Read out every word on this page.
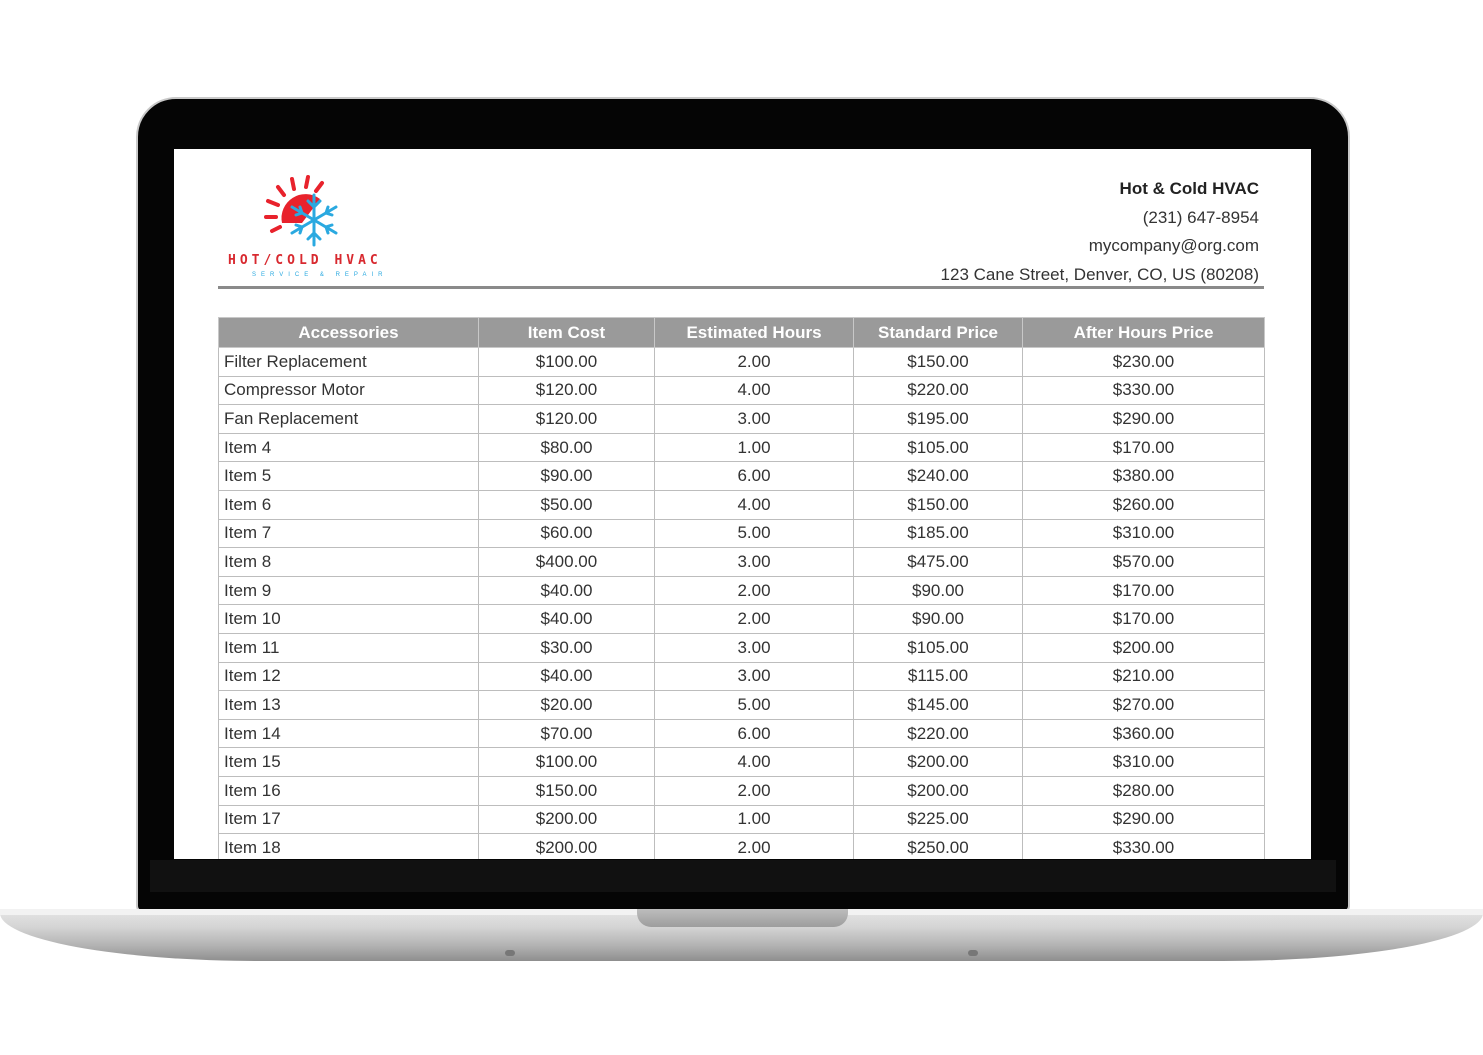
HOT/COLD HVAC
SERVICE & REPAIR
Hot & Cold HVAC
(231) 647-8954
mycompany@org.com
123 Cane Street, Denver, CO, US (80208)
Accessories	Item Cost	Estimated Hours	Standard Price	After Hours Price
Filter Replacement	$100.00	2.00	$150.00	$230.00
Compressor Motor	$120.00	4.00	$220.00	$330.00
Fan Replacement	$120.00	3.00	$195.00	$290.00
Item 4	$80.00	1.00	$105.00	$170.00
Item 5	$90.00	6.00	$240.00	$380.00
Item 6	$50.00	4.00	$150.00	$260.00
Item 7	$60.00	5.00	$185.00	$310.00
Item 8	$400.00	3.00	$475.00	$570.00
Item 9	$40.00	2.00	$90.00	$170.00
Item 10	$40.00	2.00	$90.00	$170.00
Item 11	$30.00	3.00	$105.00	$200.00
Item 12	$40.00	3.00	$115.00	$210.00
Item 13	$20.00	5.00	$145.00	$270.00
Item 14	$70.00	6.00	$220.00	$360.00
Item 15	$100.00	4.00	$200.00	$310.00
Item 16	$150.00	2.00	$200.00	$280.00
Item 17	$200.00	1.00	$225.00	$290.00
Item 18	$200.00	2.00	$250.00	$330.00
